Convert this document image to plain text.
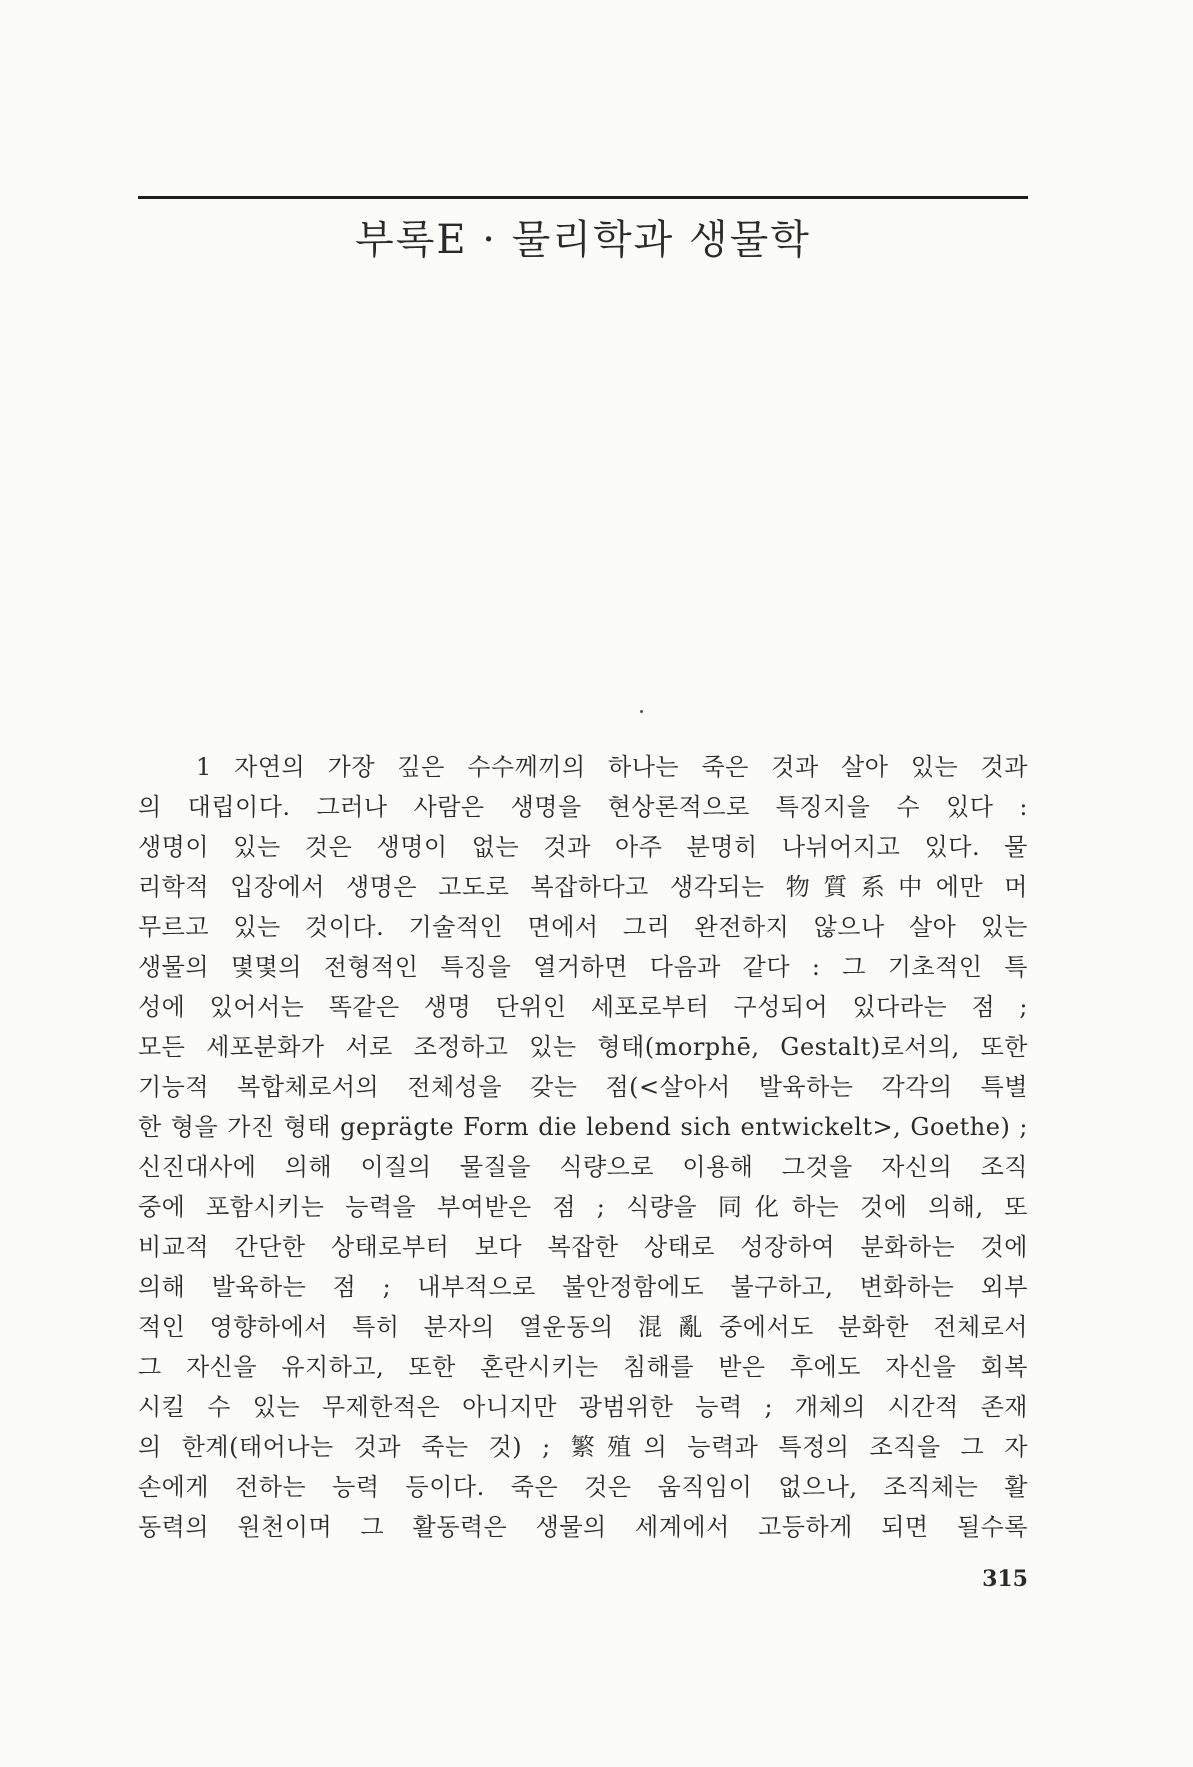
부록E · 물리학과 생물학
1 자연의 가장 깊은 수수께끼의 하나는 죽은 것과 살아 있는 것과
의 대립이다. 그러나 사람은 생명을 현상론적으로 특징지을 수 있다 :
생명이 있는 것은 생명이 없는 것과 아주 분명히 나뉘어지고 있다. 물
리학적 입장에서 생명은 고도로 복잡하다고 생각되는 物質系中에만 머
무르고 있는 것이다. 기술적인 면에서 그리 완전하지 않으나 살아 있는
생물의 몇몇의 전형적인 특징을 열거하면 다음과 같다 : 그 기초적인 특
성에 있어서는 똑같은 생명 단위인 세포로부터 구성되어 있다라는 점 ;
모든 세포분화가 서로 조정하고 있는 형태(morphē, Gestalt)로서의, 또한
기능적 복합체로서의 전체성을 갖는 점(<살아서 발육하는 각각의 특별
한 형을 가진 형태 geprägte Form die lebend sich entwickelt>, Goethe) ;
신진대사에 의해 이질의 물질을 식량으로 이용해 그것을 자신의 조직
중에 포함시키는 능력을 부여받은 점 ; 식량을 同化하는 것에 의해, 또
비교적 간단한 상태로부터 보다 복잡한 상태로 성장하여 분화하는 것에
의해 발육하는 점 ; 내부적으로 불안정함에도 불구하고, 변화하는 외부
적인 영향하에서 특히 분자의 열운동의 混亂중에서도 분화한 전체로서
그 자신을 유지하고, 또한 혼란시키는 침해를 받은 후에도 자신을 회복
시킬 수 있는 무제한적은 아니지만 광범위한 능력 ; 개체의 시간적 존재
의 한계(태어나는 것과 죽는 것) ; 繁殖의 능력과 특정의 조직을 그 자
손에게 전하는 능력 등이다. 죽은 것은 움직임이 없으나, 조직체는 활
동력의 원천이며 그 활동력은 생물의 세계에서 고등하게 되면 될수록
315
